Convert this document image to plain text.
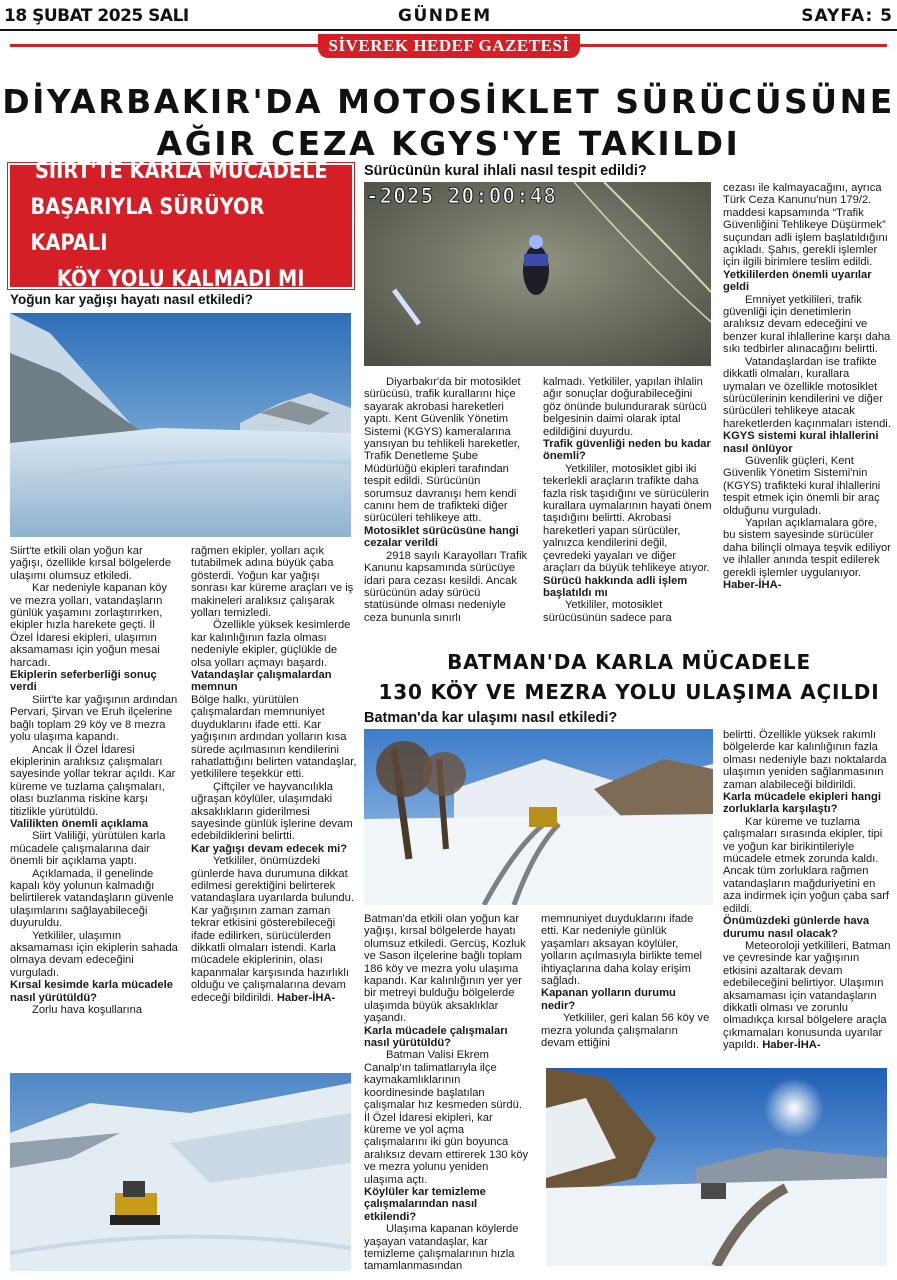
18 ŞUBAT 2025 SALI	GÜNDEM	SAYFA: 5
SİVEREK HEDEF GAZETESİ
DİYARBAKIR'DA MOTOSİKLET SÜRÜCÜSÜNE
AĞIR CEZA KGYS'YE TAKILDI
SİİRT'TE KARLA MÜCADELE
BAŞARIYLA SÜRÜYOR KAPALI
KÖY YOLU KALMADI MI
Yoğun kar yağışı hayatı nasıl etkiledi?

Siirt'te etkili olan yoğun kar yağışı, özellikle kırsal bölgelerde ulaşımı olumsuz etkiledi.

Kar nedeniyle kapanan köy ve mezra yolları, vatandaşların günlük yaşamını zorlaştırırken, ekipler hızla harekete geçti. İl Özel İdaresi ekipleri, ulaşımın aksamaması için yoğun mesai harcadı.

Ekiplerin seferberliği sonuç verdi

Siirt'te kar yağışının ardından Pervari, Şirvan ve Eruh ilçelerine bağlı toplam 29 köy ve 8 mezra yolu ulaşıma kapandı.

Ancak İl Özel İdaresi ekiplerinin aralıksız çalışmaları sayesinde yollar tekrar açıldı. Kar küreme ve tuzlama çalışmaları, olası buzlanma riskine karşı titizlikle yürütüldü.

Valilikten önemli açıklama

Siirt Valiliği, yürütülen karla mücadele çalışmalarına dair önemli bir açıklama yaptı.

Açıklamada, il genelinde kapalı köy yolunun kalmadığı belirtilerek vatandaşların güvenle ulaşımlarını sağlayabileceği duyuruldu.

Yetkililer, ulaşımın aksamaması için ekiplerin sahada olmaya devam edeceğini vurguladı.

Kırsal kesimde karla mücadele nasıl yürütüldü?

Zorlu hava koşullarına

rağmen ekipler, yolları açık tutabilmek adına büyük çaba gösterdi. Yoğun kar yağışı sonrası kar küreme araçları ve iş makineleri aralıksız çalışarak yolları temizledi.

Özellikle yüksek kesimlerde kar kalınlığının fazla olması nedeniyle ekipler, güçlükle de olsa yolları açmayı başardı.

Vatandaşlar çalışmalardan memnun

Bölge halkı, yürütülen çalışmalardan memnuniyet duyduklarını ifade etti. Kar yağışının ardından yolların kısa sürede açılmasının kendilerini rahatlattığını belirten vatandaşlar, yetkililere teşekkür etti.

Çiftçiler ve hayvancılıkla uğraşan köylüler, ulaşımdaki aksaklıkların giderilmesi sayesinde günlük işlerine devam edebildiklerini belirtti.

Kar yağışı devam edecek mi?

Yetkililer, önümüzdeki günlerde hava durumuna dikkat edilmesi gerektiğini belirterek vatandaşlara uyarılarda bulundu. Kar yağışının zaman zaman tekrar etkisini gösterebileceği ifade edilirken, sürücülerden dikkatli olmaları istendi. Karla mücadele ekiplerinin, olası kapanmalar karşısında hazırlıklı olduğu ve çalışmalarına devam edeceği bildirildi. Haber-İHA-

Sürücünün kural ihlali nasıl tespit edildi?
-2025 20:00:48

Diyarbakır'da bir motosiklet sürücüsü, trafik kurallarını hiçe sayarak akrobasi hareketleri yaptı. Kent Güvenlik Yönetim Sistemi (KGYS) kameralarına yansıyan bu tehlikeli hareketler, Trafik Denetleme Şube Müdürlüğü ekipleri tarafından tespit edildi. Sürücünün sorumsuz davranışı hem kendi canını hem de trafikteki diğer sürücüleri tehlikeye attı.

Motosiklet sürücüsüne hangi cezalar verildi

2918 sayılı Karayolları Trafik Kanunu kapsamında sürücüye idari para cezası kesildi. Ancak sürücünün aday sürücü statüsünde olması nedeniyle ceza bununla sınırlı

kalmadı. Yetkililer, yapılan ihlalin ağır sonuçlar doğurabileceğini göz önünde bulundurarak sürücü belgesinin daimi olarak iptal edildiğini duyurdu.

Trafik güvenliği neden bu kadar önemli?

Yetkililer, motosiklet gibi iki tekerlekli araçların trafikte daha fazla risk taşıdığını ve sürücülerin kurallara uymalarının hayati önem taşıdığını belirtti. Akrobasi hareketleri yapan sürücüler, yalnızca kendilerini değil, çevredeki yayaları ve diğer araçları da büyük tehlikeye atıyor.

Sürücü hakkında adli işlem başlatıldı mı

Yetkililer, motosiklet sürücüsünün sadece para

cezası ile kalmayacağını, ayrıca Türk Ceza Kanunu'nun 179/2. maddesi kapsamında “Trafik Güvenliğini Tehlikeye Düşürmek” suçundan adli işlem başlatıldığını açıkladı. Şahıs, gerekli işlemler için ilgili birimlere teslim edildi.

Yetkililerden önemli uyarılar geldi

Emniyet yetkilileri, trafik güvenliği için denetimlerin aralıksız devam edeceğini ve benzer kural ihlallerine karşı daha sıkı tedbirler alınacağını belirtti.

Vatandaşlardan ise trafikte dikkatli olmaları, kurallara uymaları ve özellikle motosiklet sürücülerinin kendilerini ve diğer sürücüleri tehlikeye atacak hareketlerden kaçınmaları istendi.

KGYS sistemi kural ihlallerini nasıl önlüyor

Güvenlik güçleri, Kent Güvenlik Yönetim Sistemi'nin (KGYS) trafikteki kural ihlallerini tespit etmek için önemli bir araç olduğunu vurguladı.

Yapılan açıklamalara göre, bu sistem sayesinde sürücüler daha bilinçli olmaya teşvik ediliyor ve ihlaller anında tespit edilerek gerekli işlemler uygulanıyor. Haber-İHA-

BATMAN'DA KARLA MÜCADELE
130 KÖY VE MEZRA YOLU ULAŞIMA AÇILDI
Batman'da kar ulaşımı nasıl etkiledi?

Batman'da etkili olan yoğun kar yağışı, kırsal bölgelerde hayatı olumsuz etkiledi. Gercüş, Kozluk ve Sason ilçelerine bağlı toplam 186 köy ve mezra yolu ulaşıma kapandı. Kar kalınlığının yer yer bir metreyi bulduğu bölgelerde ulaşımda büyük aksaklıklar yaşandı.

Karla mücadele çalışmaları nasıl yürütüldü?

Batman Valisi Ekrem Canalp'ın talimatlarıyla ilçe kaymakamlıklarının koordinesinde başlatılan çalışmalar hız kesmeden sürdü. İl Özel İdaresi ekipleri, kar küreme ve yol açma çalışmalarını iki gün boyunca aralıksız devam ettirerek 130 köy ve mezra yolunu yeniden ulaşıma açtı.

Köylüler kar temizleme çalışmalarından nasıl etkilendi?

Ulaşıma kapanan köylerde yaşayan vatandaşlar, kar temizleme çalışmalarının hızla tamamlanmasından

memnuniyet duyduklarını ifade etti. Kar nedeniyle günlük yaşamları aksayan köylüler, yolların açılmasıyla birlikte temel ihtiyaçlarına daha kolay erişim sağladı.

Kapanan yolların durumu nedir?

Yetkililer, geri kalan 56 köy ve mezra yolunda çalışmaların devam ettiğini

belirtti. Özellikle yüksek rakımlı bölgelerde kar kalınlığının fazla olması nedeniyle bazı noktalarda ulaşımın yeniden sağlanmasının zaman alabileceği bildirildi.

Karla mücadele ekipleri hangi zorluklarla karşılaştı?

Kar küreme ve tuzlama çalışmaları sırasında ekipler, tipi ve yoğun kar birikintileriyle mücadele etmek zorunda kaldı. Ancak tüm zorluklara rağmen vatandaşların mağduriyetini en aza indirmek için yoğun çaba sarf edildi.

Önümüzdeki günlerde hava durumu nasıl olacak?

Meteoroloji yetkilileri, Batman ve çevresinde kar yağışının etkisini azaltarak devam edebileceğini belirtiyor. Ulaşımın aksamaması için vatandaşların dikkatli olması ve zorunlu olmadıkça kırsal bölgelere araçla çıkmamaları konusunda uyarılar yapıldı. Haber-İHA-
